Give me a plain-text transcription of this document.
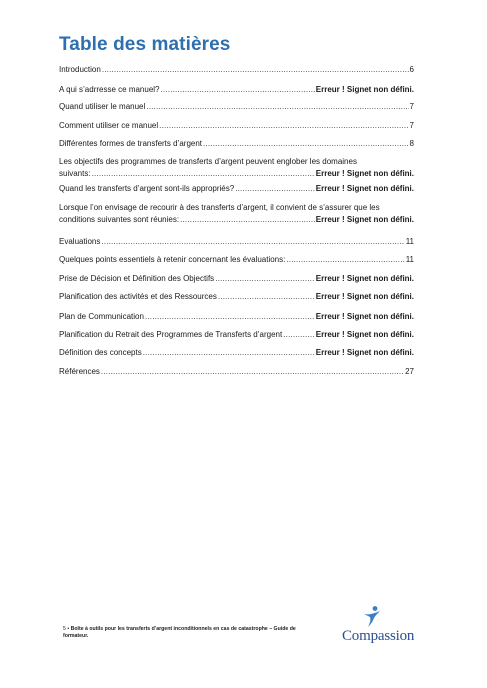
Table des matières
Introduction .....	6
A qui s’adrresse ce manuel? .....	Erreur ! Signet non défini.
Quand utiliser le manuel .....	7
Comment utiliser ce manuel .....	7
Différentes formes de transferts d’argent .....	8
Les objectifs des programmes de transferts d’argent peuvent englober les domaines
suivants: .....	Erreur ! Signet non défini.
Quand les transferts d’argent sont-ils appropriés? .....	Erreur ! Signet non défini.
Lorsque l’on envisage de recourir à des transferts d’argent, il convient de s’assurer que les
conditions suivantes sont réunies: .....	Erreur ! Signet non défini.
Evaluations .....	11
Quelques points essentiels à retenir concernant les évaluations: .....	11
Prise de Décision et Définition des Objectifs .....	Erreur ! Signet non défini.
Planification des activités et des Ressources .....	Erreur ! Signet non défini.
Plan de Communication .....	Erreur ! Signet non défini.
Planification du Retrait des Programmes de Transferts d’argent .....	Erreur ! Signet non défini.
Définition des concepts .....	Erreur ! Signet non défini.
Références .....	27
5 • Boîte à outils pour les transferts d’argent inconditionnels en cas de catastrophe – Guide de formateur.	Compassion
